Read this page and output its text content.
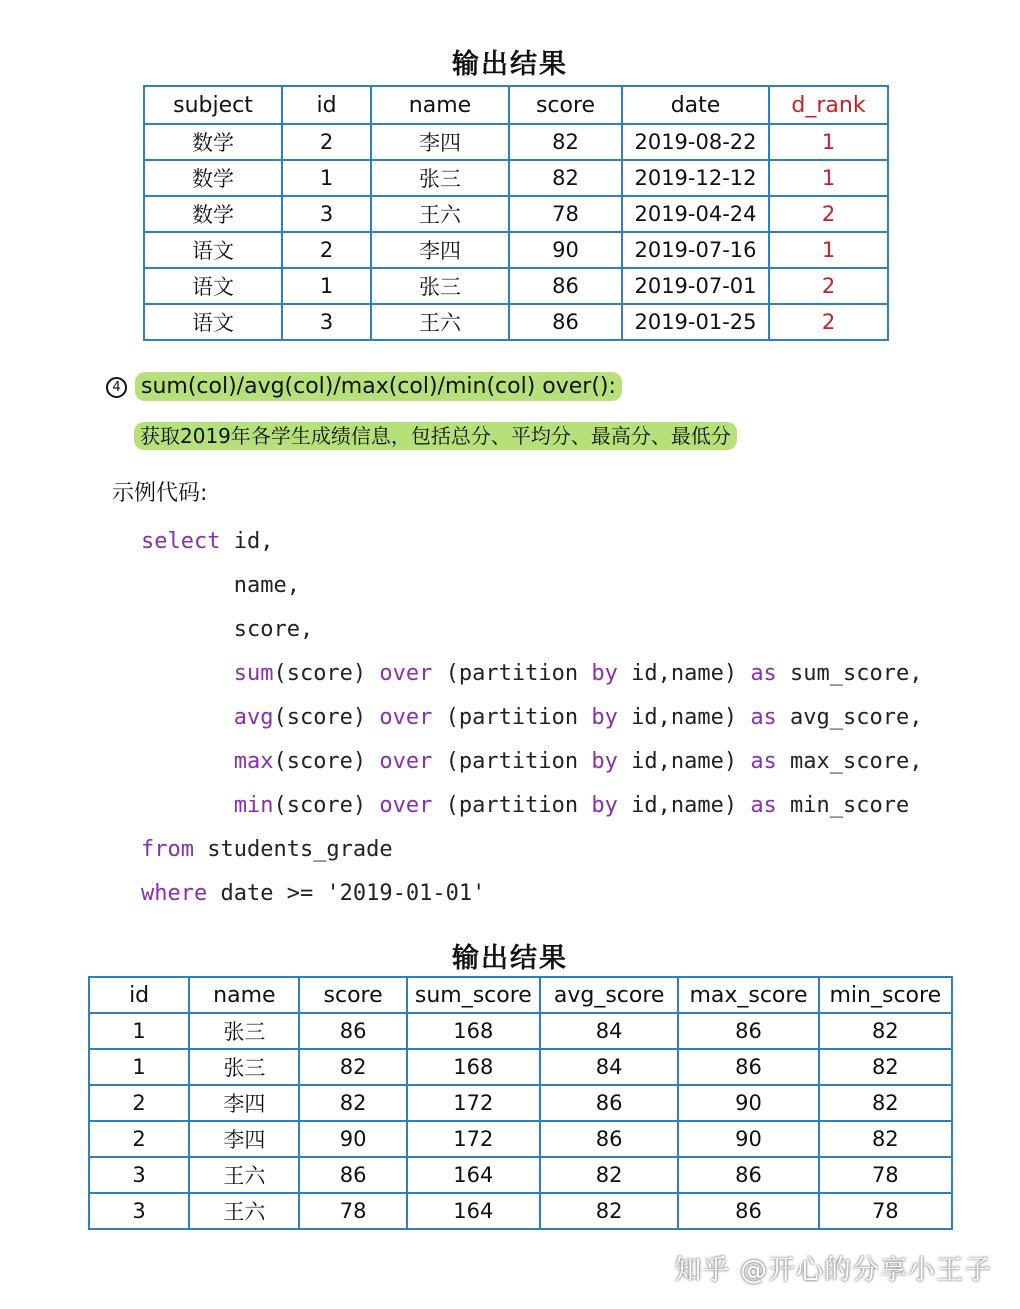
输出结果
subject	id	name	score	date	d_rank
数学	2	李四	82	2019-08-22	1
数学	1	张三	82	2019-12-12	1
数学	3	王六	78	2019-04-24	2
语文	2	李四	90	2019-07-16	1
语文	1	张三	86	2019-07-01	2
语文	3	王六	86	2019-01-25	2
4 sum(col)/avg(col)/max(col)/min(col) over():
获取2019年各学生成绩信息，包括总分、平均分、最高分、最低分
示例代码:
select id,
name,
score,
sum(score) over (partition by id,name) as sum_score,
avg(score) over (partition by id,name) as avg_score,
max(score) over (partition by id,name) as max_score,
min(score) over (partition by id,name) as min_score
from students_grade
where date >= '2019-01-01'
输出结果
id	name	score	sum_score	avg_score	max_score	min_score
1	张三	86	168	84	86	82
1	张三	82	168	84	86	82
2	李四	82	172	86	90	82
2	李四	90	172	86	90	82
3	王六	86	164	82	86	78
3	王六	78	164	82	86	78
知乎 @开心的分享小王子
